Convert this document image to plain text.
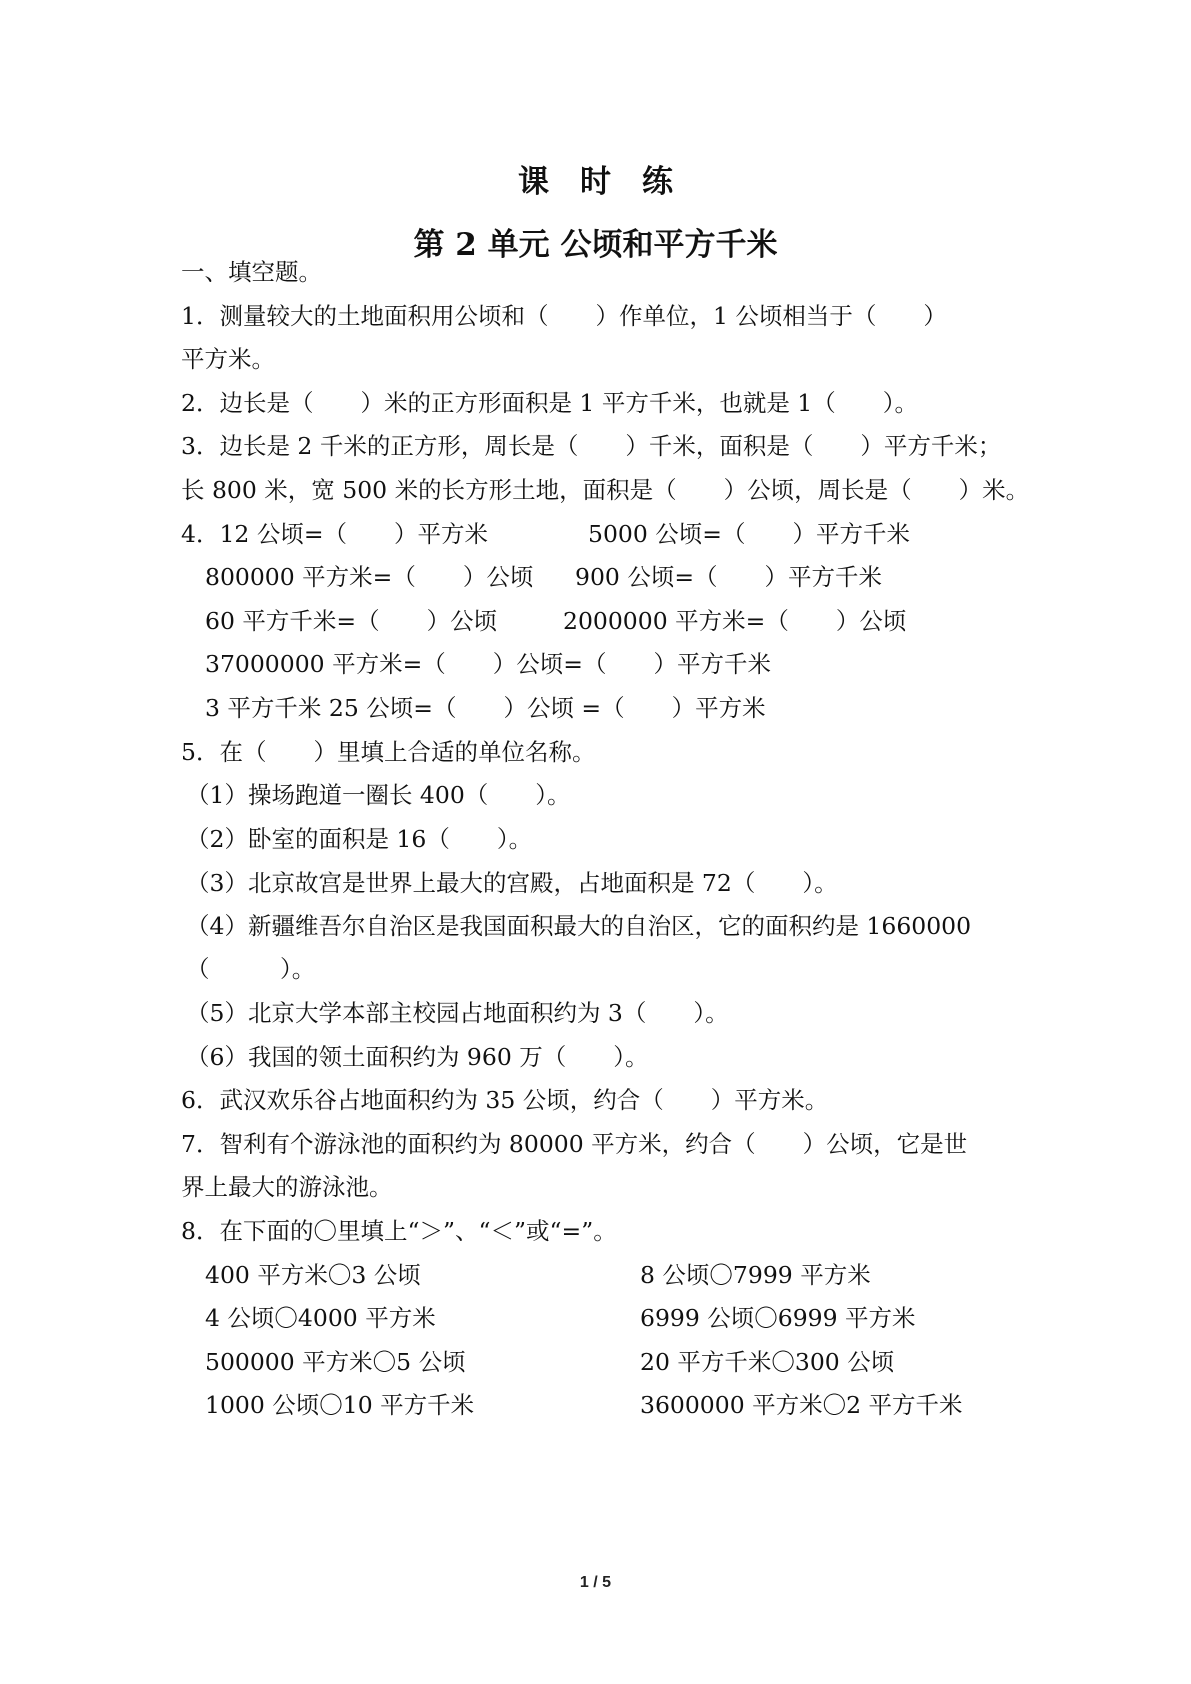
课　时　练
第 2 单元 公顷和平方千米
一、填空题。
1．测量较大的土地面积用公顷和（　　）作单位，1 公顷相当于（　　）
平方米。
2．边长是（　　）米的正方形面积是 1 平方千米，也就是 1（　　）。
3．边长是 2 千米的正方形，周长是（　　）千米，面积是（　　）平方千米；
长 800 米，宽 500 米的长方形土地，面积是（　　）公顷，周长是（　　）米。
4．12 公顷=（　　）平方米	5000 公顷=（　　）平方千米
800000 平方米=（　　）公顷 900 公顷=（　　）平方千米
60 平方千米=（　　）公顷	2000000 平方米=（　　）公顷
37000000 平方米=（　　）公顷=（　　）平方千米
3 平方千米 25 公顷=（　　）公顷 =（　　）平方米
5．在（　　）里填上合适的单位名称。
（1）操场跑道一圈长 400（　　）。
（2）卧室的面积是 16（　　）。
（3）北京故宫是世界上最大的宫殿，占地面积是 72（　　）。
（4）新疆维吾尔自治区是我国面积最大的自治区，它的面积约是 1660000
（　　　）。
（5）北京大学本部主校园占地面积约为 3（　　）。
（6）我国的领土面积约为 960 万（　　）。
6．武汉欢乐谷占地面积约为 35 公顷，约合（　　）平方米。
7．智利有个游泳池的面积约为 80000 平方米，约合（　　）公顷，它是世
界上最大的游泳池。
8．在下面的〇里填上“＞”、“＜”或“=”。
400 平方米〇3 公顷	8 公顷〇7999 平方米
4 公顷〇4000 平方米	6999 公顷〇6999 平方米
500000 平方米〇5 公顷	20 平方千米〇300 公顷
1000 公顷〇10 平方千米	3600000 平方米〇2 平方千米
1 / 5
